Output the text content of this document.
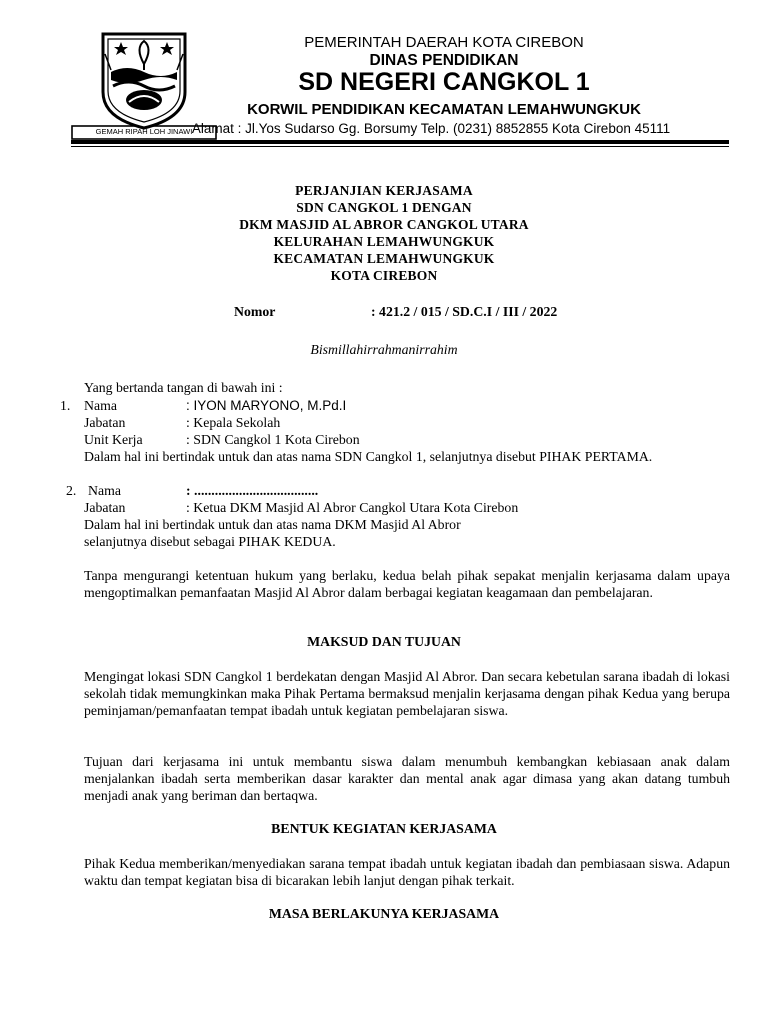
GEMAH RIPAH LOH JINAWI
PEMERINTAH DAERAH KOTA CIREBON
DINAS PENDIDIKAN
SD NEGERI CANGKOL 1
KORWIL PENDIDIKAN KECAMATAN LEMAHWUNGKUK
Alamat : Jl.Yos Sudarso Gg. Borsumy Telp. (0231) 8852855 Kota Cirebon 45111
PERJANJIAN KERJASAMA
SDN CANGKOL 1 DENGAN
DKM MASJID AL ABROR CANGKOL UTARA
KELURAHAN LEMAHWUNGKUK
KECAMATAN LEMAHWUNGKUK
KOTA CIREBON
Nomor	: 421.2 / 015 / SD.C.I / III / 2022
Bismillahirrahmanirrahim
Yang bertanda tangan di bawah ini :
1. Nama	: IYON MARYONO, M.Pd.I
Jabatan	: Kepala Sekolah
Unit Kerja	: SDN Cangkol 1 Kota Cirebon
Dalam hal ini bertindak untuk dan atas nama SDN Cangkol 1, selanjutnya disebut PIHAK PERTAMA.
2. Nama	: ....................................
Jabatan	: Ketua DKM Masjid Al Abror Cangkol Utara Kota Cirebon
Dalam hal ini bertindak untuk dan atas nama DKM Masjid Al Abror
selanjutnya disebut sebagai PIHAK KEDUA.
Tanpa mengurangi ketentuan hukum yang berlaku, kedua belah pihak sepakat menjalin kerjasama dalam upaya mengoptimalkan pemanfaatan Masjid Al Abror dalam berbagai kegiatan keagamaan dan pembelajaran.
MAKSUD DAN TUJUAN
Mengingat lokasi SDN Cangkol 1 berdekatan dengan Masjid Al Abror. Dan secara kebetulan sarana ibadah di lokasi sekolah tidak memungkinkan maka Pihak Pertama bermaksud menjalin kerjasama dengan pihak Kedua yang berupa peminjaman/pemanfaatan tempat ibadah untuk kegiatan pembelajaran siswa.
Tujuan dari kerjasama ini untuk membantu siswa dalam menumbuh kembangkan kebiasaan anak dalam menjalankan ibadah serta memberikan dasar karakter dan mental anak agar dimasa yang akan datang tumbuh menjadi anak yang beriman dan bertaqwa.
BENTUK KEGIATAN KERJASAMA
Pihak Kedua memberikan/menyediakan sarana tempat ibadah untuk kegiatan ibadah dan pembiasaan siswa. Adapun waktu dan tempat kegiatan bisa di bicarakan lebih lanjut dengan pihak terkait.
MASA BERLAKUNYA KERJASAMA
